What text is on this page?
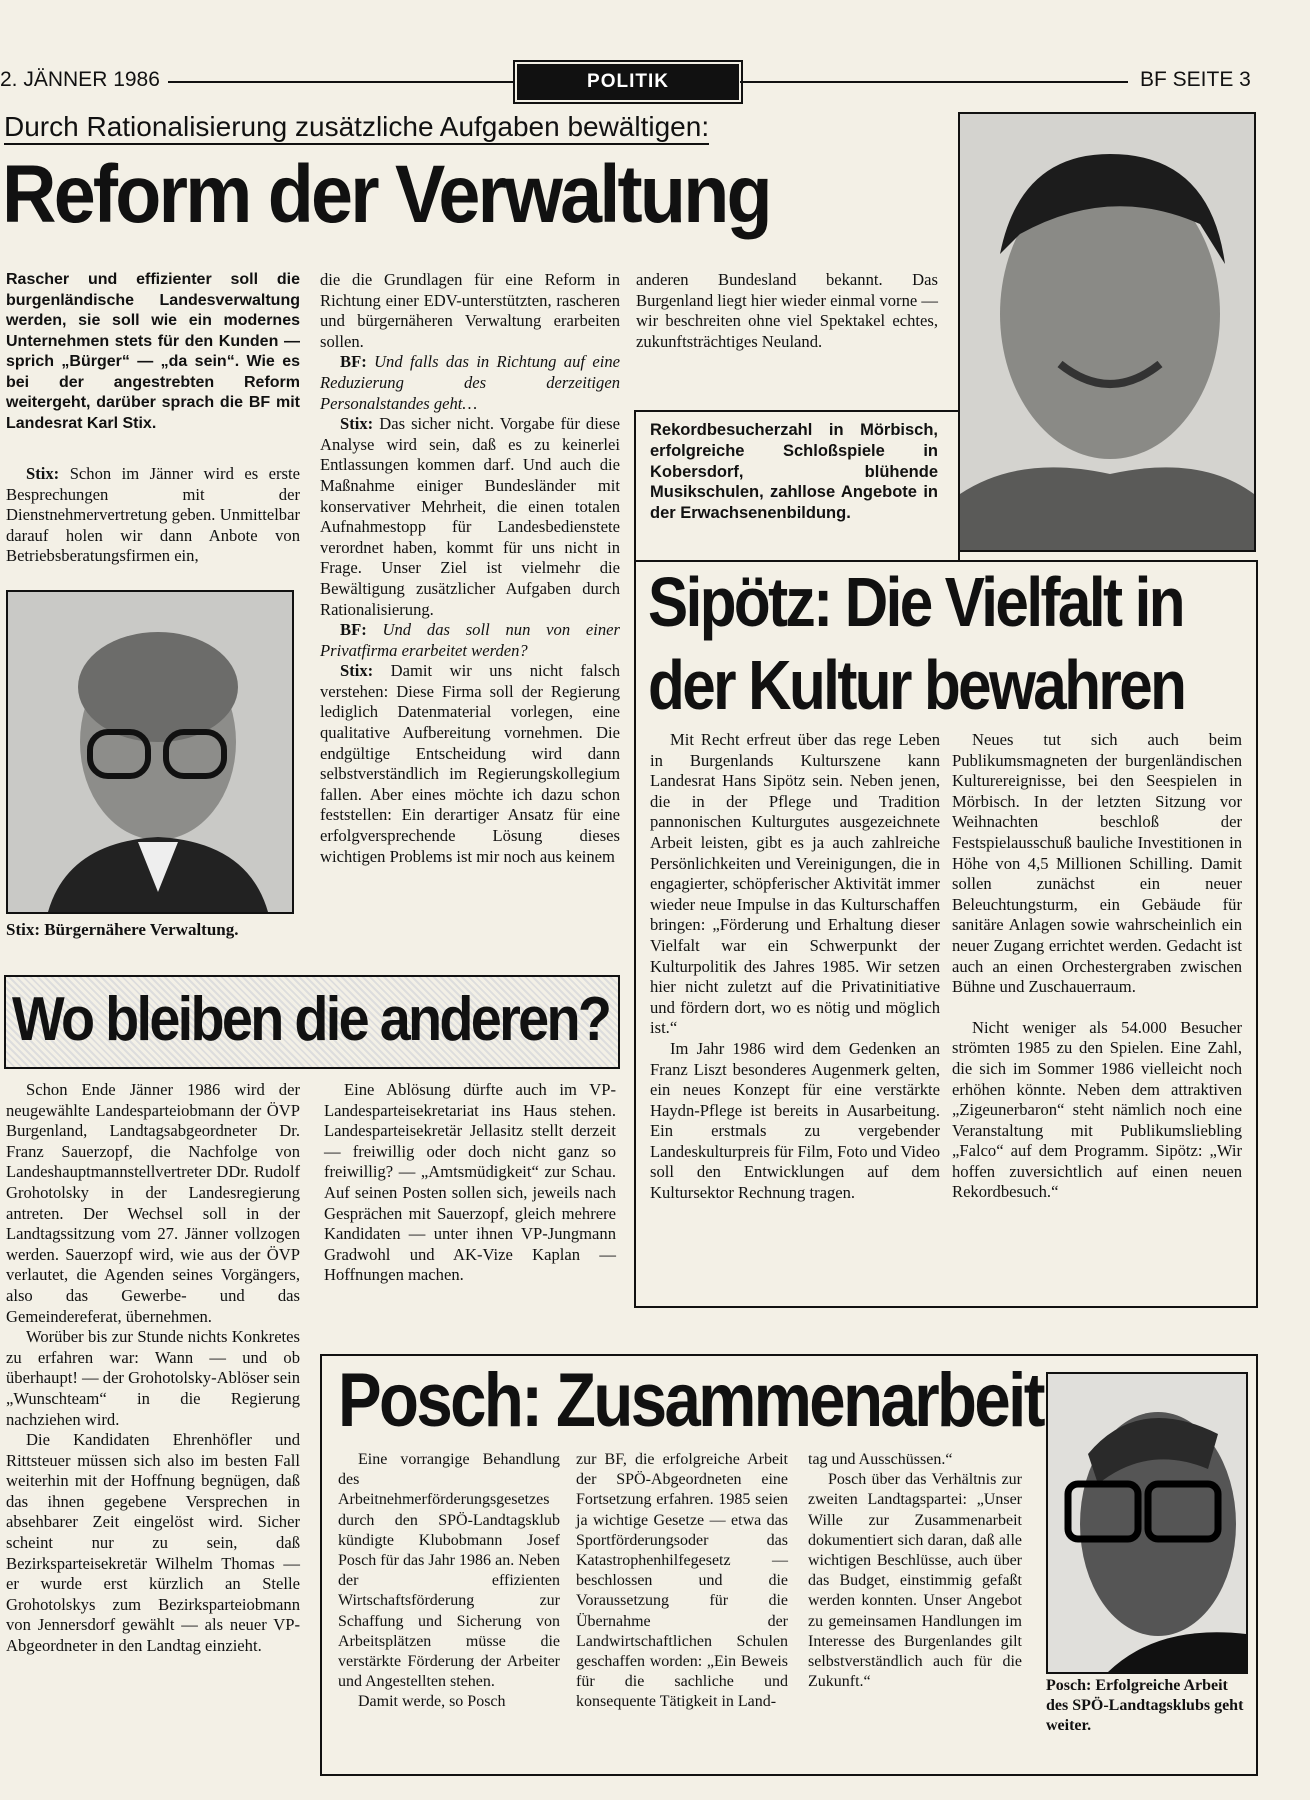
2. JÄNNER 1986	POLITIK	BF SEITE 3
Durch Rationalisierung zusätzliche Aufgaben bewältigen:
Reform der Verwaltung
Rascher und effizienter soll die burgenländische Landesverwaltung werden, sie soll wie ein modernes Unternehmen stets für den Kunden — sprich „Bürger“ — „da sein“. Wie es bei der angestrebten Reform weitergeht, darüber sprach die BF mit Landesrat Karl Stix.

Stix: Schon im Jänner wird es erste Besprechungen mit der Dienstnehmervertretung geben. Unmittelbar darauf holen wir dann Anbote von Betriebsberatungsfirmen ein,

Stix: Bürgernähere Verwaltung.

die die Grundlagen für eine Reform in Richtung einer EDV-unterstützten, rascheren und bürgernäheren Verwaltung erarbeiten sollen.

BF: Und falls das in Richtung auf eine Reduzierung des derzeitigen Personalstandes geht…

Stix: Das sicher nicht. Vorgabe für diese Analyse wird sein, daß es zu keinerlei Entlassungen kommen darf. Und auch die Maßnahme einiger Bundesländer mit konservativer Mehrheit, die einen totalen Aufnahmestopp für Landesbedienstete verordnet haben, kommt für uns nicht in Frage. Unser Ziel ist vielmehr die Bewältigung zusätzlicher Aufgaben durch Rationalisierung.

BF: Und das soll nun von einer Privatfirma erarbeitet werden?

Stix: Damit wir uns nicht falsch verstehen: Diese Firma soll der Regierung lediglich Datenmaterial vorlegen, eine qualitative Aufbereitung vornehmen. Die endgültige Entscheidung wird dann selbstverständlich im Regierungskollegium fallen. Aber eines möchte ich dazu schon feststellen: Ein derartiger Ansatz für eine erfolgversprechende Lösung dieses wichtigen Problems ist mir noch aus keinem

anderen Bundesland bekannt. Das Burgenland liegt hier wieder einmal vorne — wir beschreiten ohne viel Spektakel echtes, zukunftsträchtiges Neuland.

Rekordbesucherzahl in Mörbisch, erfolgreiche Schloßspiele in Kobersdorf, blühende Musikschulen, zahllose Angebote in der Erwachsenenbildung.
Sipötz: Die Vielfalt in
der Kultur bewahren

Mit Recht erfreut über das rege Leben in Burgenlands Kulturszene kann Landesrat Hans Sipötz sein. Neben jenen, die in der Pflege und Tradition pannonischen Kulturgutes ausgezeichnete Arbeit leisten, gibt es ja auch zahlreiche Persönlichkeiten und Vereinigungen, die in engagierter, schöpferischer Aktivität immer wieder neue Impulse in das Kulturschaffen bringen: „Förderung und Erhaltung dieser Vielfalt war ein Schwerpunkt der Kulturpolitik des Jahres 1985. Wir setzen hier nicht zuletzt auf die Privatinitiative und fördern dort, wo es nötig und möglich ist.“

Im Jahr 1986 wird dem Gedenken an Franz Liszt besonderes Augenmerk gelten, ein neues Konzept für eine verstärkte Haydn-Pflege ist bereits in Ausarbeitung. Ein erstmals zu vergebender Landeskulturpreis für Film, Foto und Video soll den Entwicklungen auf dem Kultursektor Rechnung tragen.

Neues tut sich auch beim Publikumsmagneten der burgenländischen Kulturereignisse, bei den Seespielen in Mörbisch. In der letzten Sitzung vor Weihnachten beschloß der Festspielausschuß bauliche Investitionen in Höhe von 4,5 Millionen Schilling. Damit sollen zunächst ein neuer Beleuchtungsturm, ein Gebäude für sanitäre Anlagen sowie wahrscheinlich ein neuer Zugang errichtet werden. Gedacht ist auch an einen Orchestergraben zwischen Bühne und Zuschauerraum.

Nicht weniger als 54.000 Besucher strömten 1985 zu den Spielen. Eine Zahl, die sich im Sommer 1986 vielleicht noch erhöhen könnte. Neben dem attraktiven „Zigeunerbaron“ steht nämlich noch eine Veranstaltung mit Publikumsliebling „Falco“ auf dem Programm. Sipötz: „Wir hoffen zuversichtlich auf einen neuen Rekordbesuch.“

Wo bleiben die anderen?

Schon Ende Jänner 1986 wird der neugewählte Landesparteiobmann der ÖVP Burgenland, Landtagsabgeordneter Dr. Franz Sauerzopf, die Nachfolge von Landeshauptmannstellvertreter DDr. Rudolf Grohotolsky in der Landesregierung antreten. Der Wechsel soll in der Landtagssitzung vom 27. Jänner vollzogen werden. Sauerzopf wird, wie aus der ÖVP verlautet, die Agenden seines Vorgängers, also das Gewerbe- und das Gemeindereferat, übernehmen.

Worüber bis zur Stunde nichts Konkretes zu erfahren war: Wann — und ob überhaupt! — der Grohotolsky-Ablöser sein „Wunschteam“ in die Regierung nachziehen wird.

Die Kandidaten Ehrenhöfler und Rittsteuer müssen sich also im besten Fall weiterhin mit der Hoffnung begnügen, daß das ihnen gegebene Versprechen in absehbarer Zeit eingelöst wird. Sicher scheint nur zu sein, daß Bezirksparteisekretär Wilhelm Thomas — er wurde erst kürzlich an Stelle Grohotolskys zum Bezirksparteiobmann von Jennersdorf gewählt — als neuer VP-Abgeordneter in den Landtag einzieht.

Eine Ablösung dürfte auch im VP-Landesparteisekretariat ins Haus stehen. Landesparteisekretär Jellasitz stellt derzeit — freiwillig oder doch nicht ganz so freiwillig? — „Amtsmüdigkeit“ zur Schau. Auf seinen Posten sollen sich, jeweils nach Gesprächen mit Sauerzopf, gleich mehrere Kandidaten — unter ihnen VP-Jungmann Gradwohl und AK-Vize Kaplan — Hoffnungen machen.

Posch: Zusammenarbeit

Eine vorrangige Behandlung des Arbeitnehmerförderungsgesetzes durch den SPÖ-Landtagsklub kündigte Klubobmann Josef Posch für das Jahr 1986 an. Neben der effizienten Wirtschaftsförderung zur Schaffung und Sicherung von Arbeitsplätzen müsse die verstärkte Förderung der Arbeiter und Angestellten stehen.

Damit werde, so Posch

zur BF, die erfolgreiche Arbeit der SPÖ-Abgeordneten eine Fortsetzung erfahren. 1985 seien ja wichtige Gesetze — etwa das Sportförderungsoder das Katastrophenhilfegesetz — beschlossen und die Voraussetzung für die Übernahme der Landwirtschaftlichen Schulen geschaffen worden: „Ein Beweis für die sachliche und konsequente Tätigkeit in Land-

tag und Ausschüssen.“

Posch über das Verhältnis zur zweiten Landtagspartei: „Unser Wille zur Zusammenarbeit dokumentiert sich daran, daß alle wichtigen Beschlüsse, auch über das Budget, einstimmig gefaßt werden konnten. Unser Angebot zu gemeinsamen Handlungen im Interesse des Burgenlandes gilt selbstverständlich auch für die Zukunft.“	Posch: Erfolgreiche Arbeit des SPÖ-Landtagsklubs geht weiter.
